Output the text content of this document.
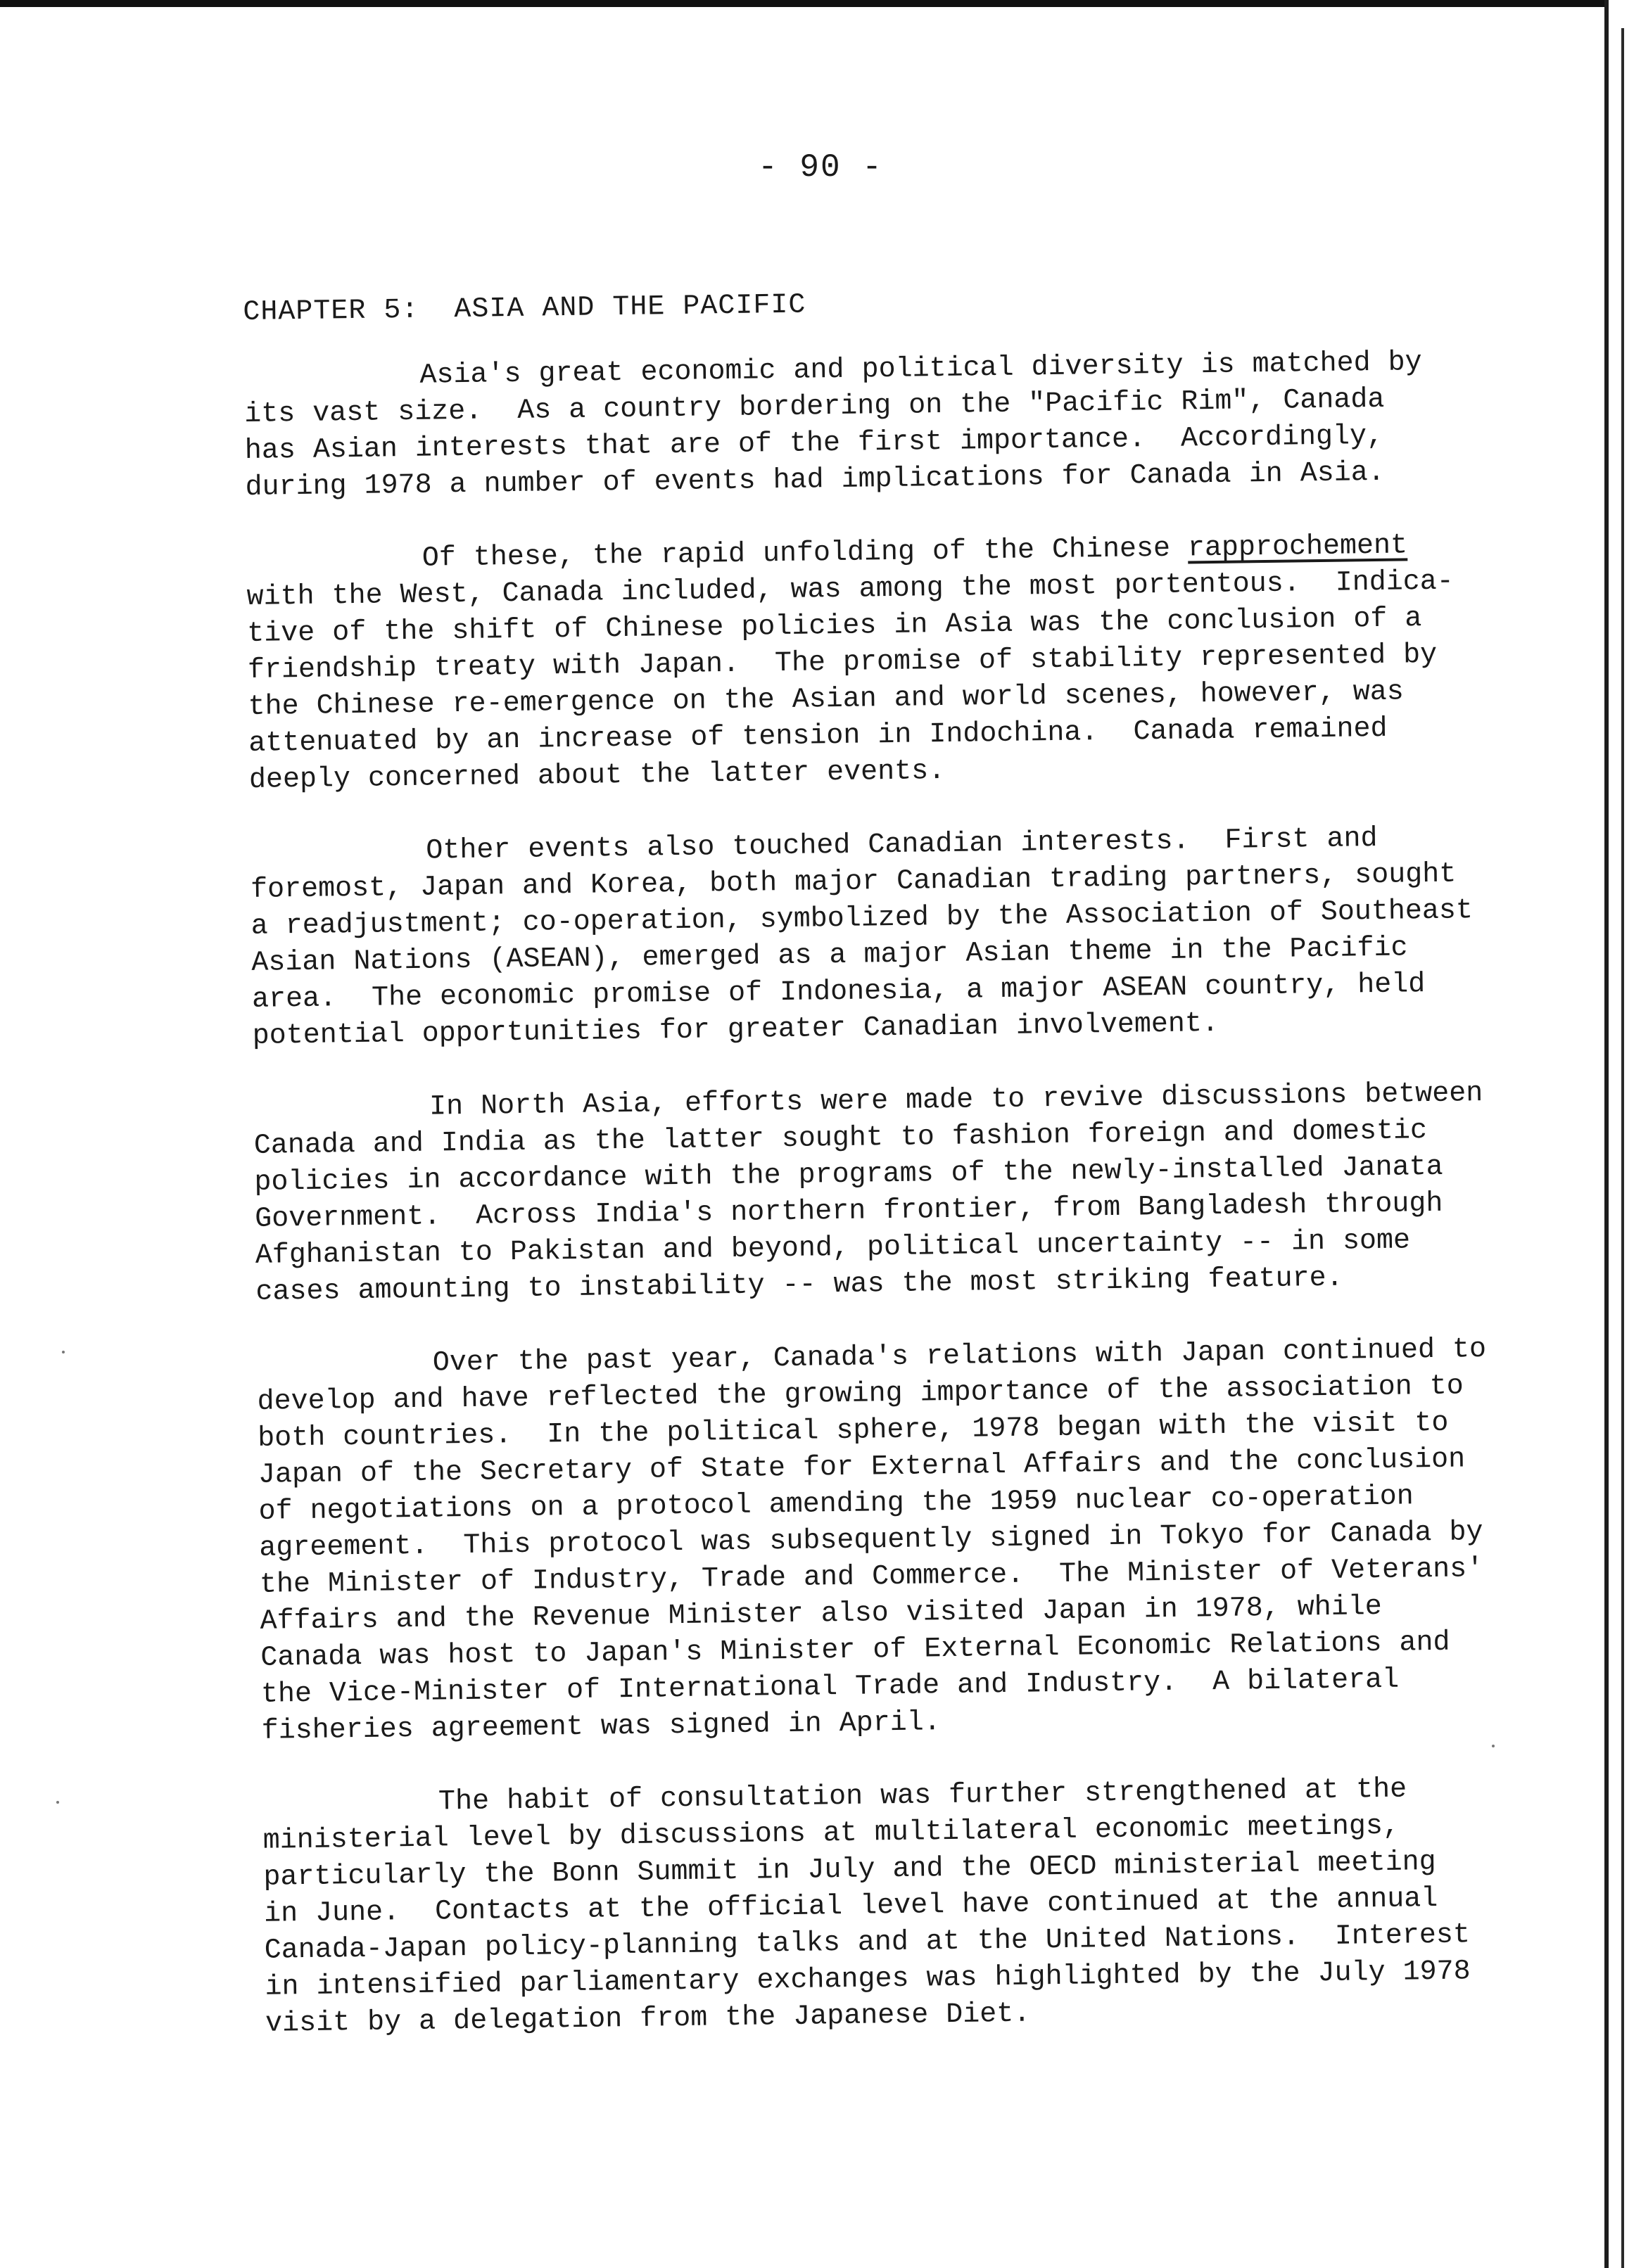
- 90 -
CHAPTER 5:  ASIA AND THE PACIFIC
Asia's great economic and political diversity is matched by
its vast size.  As a country bordering on the "Pacific Rim", Canada
has Asian interests that are of the first importance.  Accordingly,
during 1978 a number of events had implications for Canada in Asia.
Of these, the rapid unfolding of the Chinese rapprochement
with the West, Canada included, was among the most portentous.  Indica-
tive of the shift of Chinese policies in Asia was the conclusion of a
friendship treaty with Japan.  The promise of stability represented by
the Chinese re-emergence on the Asian and world scenes, however, was
attenuated by an increase of tension in Indochina.  Canada remained
deeply concerned about the latter events.
Other events also touched Canadian interests.  First and
foremost, Japan and Korea, both major Canadian trading partners, sought
a readjustment; co-operation, symbolized by the Association of Southeast
Asian Nations (ASEAN), emerged as a major Asian theme in the Pacific
area.  The economic promise of Indonesia, a major ASEAN country, held
potential opportunities for greater Canadian involvement.
In North Asia, efforts were made to revive discussions between
Canada and India as the latter sought to fashion foreign and domestic
policies in accordance with the programs of the newly-installed Janata
Government.  Across India's northern frontier, from Bangladesh through
Afghanistan to Pakistan and beyond, political uncertainty -- in some
cases amounting to instability -- was the most striking feature.
Over the past year, Canada's relations with Japan continued to
develop and have reflected the growing importance of the association to
both countries.  In the political sphere, 1978 began with the visit to
Japan of the Secretary of State for External Affairs and the conclusion
of negotiations on a protocol amending the 1959 nuclear co-operation
agreement.  This protocol was subsequently signed in Tokyo for Canada by
the Minister of Industry, Trade and Commerce.  The Minister of Veterans'
Affairs and the Revenue Minister also visited Japan in 1978, while
Canada was host to Japan's Minister of External Economic Relations and
the Vice-Minister of International Trade and Industry.  A bilateral
fisheries agreement was signed in April.
The habit of consultation was further strengthened at the
ministerial level by discussions at multilateral economic meetings,
particularly the Bonn Summit in July and the OECD ministerial meeting
in June.  Contacts at the official level have continued at the annual
Canada-Japan policy-planning talks and at the United Nations.  Interest
in intensified parliamentary exchanges was highlighted by the July 1978
visit by a delegation from the Japanese Diet.
